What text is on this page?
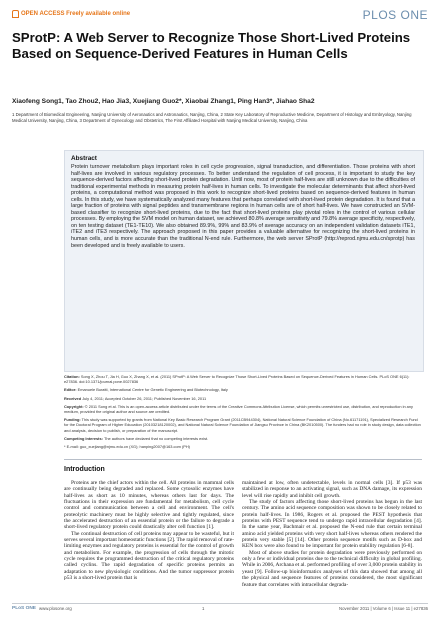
OPEN ACCESS Freely available online	PLOS ONE
SProtP: A Web Server to Recognize Those Short-Lived Proteins Based on Sequence-Derived Features in Human Cells
Xiaofeng Song1, Tao Zhou2, Hao Jia3, Xuejiang Guo2*, Xiaobai Zhang1, Ping Han3*, Jiahao Sha2
1 Department of Biomedical Engineering, Nanjing University of Aeronautics and Astronautics, Nanjing, China, 2 State Key Laboratory of Reproductive Medicine, Department of Histology and Embryology, Nanjing Medical University, Nanjing, China, 3 Department of Gynecology and Obstetrics, The First Affiliated Hospital with Nanjing Medical University, Nanjing, China
Abstract
Protein turnover metabolism plays important roles in cell cycle progression, signal transduction, and differentiation. Those proteins with short half-lives are involved in various regulatory processes. To better understand the regulation of cell process, it is important to study the key sequence-derived factors affecting short-lived protein degradation. Until now, most of protein half-lives are still unknown due to the difficulties of traditional experimental methods in measuring protein half-lives in human cells. To investigate the molecular determinants that affect short-lived proteins, a computational method was proposed in this work to recognize short-lived proteins based on sequence-derived features in human cells. In this study, we have systematically analyzed many features that perhaps correlated with short-lived protein degradation. It is found that a large fraction of proteins with signal peptides and transmembrane regions in human cells are of short half-lives. We have constructed an SVM-based classifier to recognize short-lived proteins, due to the fact that short-lived proteins play pivotal roles in the control of various cellular processes. By employing the SVM model on human dataset, we achieved 80.8% average sensitivity and 79.8% average specificity, respectively, on ten testing dataset (TE1-TE10). We also obtained 89.9%, 99% and 83.9% of average accuracy on an independent validation datasets iTE1, iTE2 and iTE3 respectively. The approach proposed in this paper provides a valuable alternative for recognizing the short-lived proteins in human cells, and is more accurate than the traditional N-end rule. Furthermore, the web server SProtP (http://reprod.njmu.edu.cn/sprotp) has been developed and is freely available to users.

Citation: Song X, Zhou T, Jia H, Guo X, Zhang X, et al. (2011) SProtP: A Web Server to Recognize Those Short-Lived Proteins Based on Sequence-Derived Features in Human Cells. PLoS ONE 6(11): e27836. doi:10.1371/journal.pone.0027836

Editor: Emanuele Buratti, International Centre for Genetic Engineering and Biotechnology, Italy

Received July 4, 2011; Accepted October 26, 2011; Published November 16, 2011

Copyright: © 2011 Song et al. This is an open-access article distributed under the terms of the Creative Commons Attribution License, which permits unrestricted use, distribution, and reproduction in any medium, provided the original author and source are credited.

Funding: This study was supported by grants from National Key Basic Research Program Grant (2011CB944304), National Natural Science Foundation of China (No.61171191), Specialized Research Fund for the Doctoral Program of Higher Education (20103218120002), and National Natural Science Foundation of Jiangsu Province in China (BK2010500). The funders had no role in study design, data collection and analysis, decision to publish, or preparation of the manuscript.

Competing Interests: The authors have declared that no competing interests exist.

* E-mail: guo_xuejiang@njmu.edu.cn (XG); hanping2007@163.com (PH)

Introduction

Proteins are the chief actors within the cell. All proteins in mammal cells are continually being degraded and replaced. Some cytosolic enzymes have half-lives as short as 10 minutes, whereas others last for days. The fluctuations in their expression are fundamental for metabolism, cell cycle control and communication between a cell and environment. The cell's proteolytic machinery must be highly selective and tightly regulated, since the accelerated destruction of an essential protein or the failure to degrade a short-lived regulatory protein could drastically alter cell function [1].

The continual destruction of cell proteins may appear to be wasteful, but it serves several important homeostatic functions [2]. The rapid removal of rate-limiting enzymes and regulatory proteins is essential for the control of growth and metabolism. For example, the progression of cells through the mitotic cycle requires the programmed destruction of the critical regulatory proteins called cyclins. The rapid degradation of specific proteins permits an adaptation to new physiologic conditions. And the tumor suppressor protein p53 is a short-lived protein that is

maintained at low, often undetectable, levels in normal cells [3]. If p53 was stabilized in response to an activating signal, such as DNA damage, its expression level will rise rapidly and inhibit cell growth.

The study of factors affecting those short-lived proteins has begun in the last century. The amino acid sequence composition was shown to be closely related to protein half-lives. In 1986, Rogers et al. proposed the PEST hypothesis that proteins with PEST sequence tend to undergo rapid intracellular degradation [4]. In the same year, Bachmair et al. proposed the N-end rule that certain terminal amino acid yielded proteins with very short half-lives whereas others rendered the protein very stable [5] [14]. Other protein sequence motifs such as D-box and KEN box were also found to be important for protein stability regulation [6-8].

Most of above studies for protein degradation were previously performed on only a few or individual proteins due to the technical difficulty in global profiling. While in 2006, Archana et al. performed profiling of over 3,000 protein stability in yeast [9]. Follow-up bioinformatics analyses of this data showed that among all the physical and sequence features of proteins considered, the most significant feature that correlates with intracellular degrada-

PLoS ONE www.plosone.org	1	November 2011 | Volume 6 | Issue 11 | e27836
